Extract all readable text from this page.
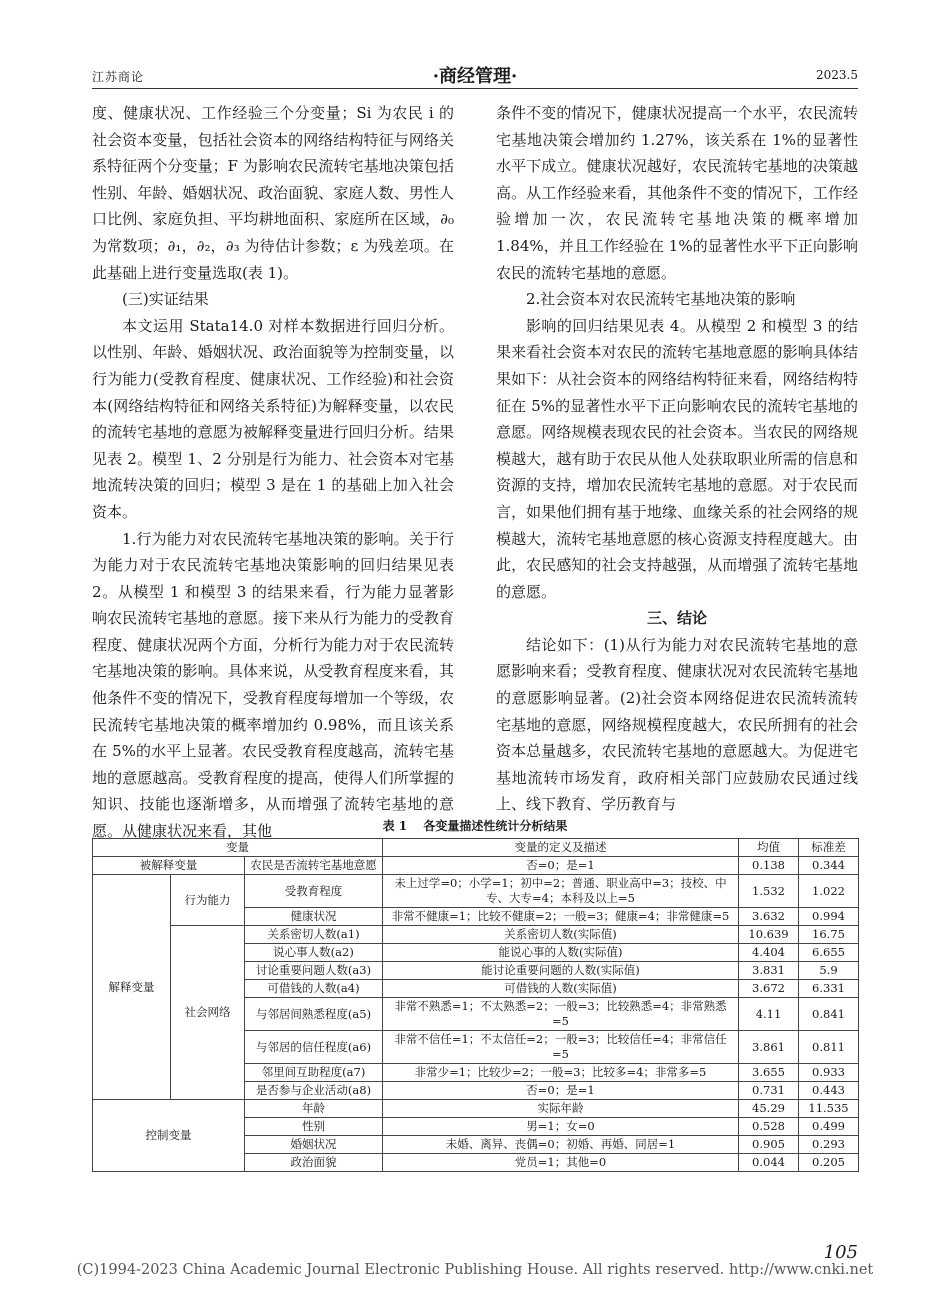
江苏商论	·商经管理·	2023.5

度、健康状况、工作经验三个分变量；Si 为农民 i 的社会资本变量，包括社会资本的网络结构特征与网络关系特征两个分变量；F 为影响农民流转宅基地决策包括性别、年龄、婚姻状况、政治面貌、家庭人数、男性人口比例、家庭负担、平均耕地面积、家庭所在区域，∂₀ 为常数项；∂₁，∂₂，∂₃ 为待估计参数；ε 为残差项。在此基础上进行变量选取(表 1)。

(三)实证结果

本文运用 Stata14.0 对样本数据进行回归分析。以性别、年龄、婚姻状况、政治面貌等为控制变量，以行为能力(受教育程度、健康状况、工作经验)和社会资本(网络结构特征和网络关系特征)为解释变量，以农民的流转宅基地的意愿为被解释变量进行回归分析。结果见表 2。模型 1、2 分别是行为能力、社会资本对宅基地流转决策的回归；模型 3 是在 1 的基础上加入社会资本。

1.行为能力对农民流转宅基地决策的影响。关于行为能力对于农民流转宅基地决策影响的回归结果见表 2。从模型 1 和模型 3 的结果来看，行为能力显著影响农民流转宅基地的意愿。接下来从行为能力的受教育程度、健康状况两个方面，分析行为能力对于农民流转宅基地决策的影响。具体来说，从受教育程度来看，其他条件不变的情况下，受教育程度每增加一个等级，农民流转宅基地决策的概率增加约 0.98%，而且该关系在 5%的水平上显著。农民受教育程度越高，流转宅基地的意愿越高。受教育程度的提高，使得人们所掌握的知识、技能也逐渐增多，从而增强了流转宅基地的意愿。从健康状况来看，其他

条件不变的情况下，健康状况提高一个水平，农民流转宅基地决策会增加约 1.27%，该关系在 1%的显著性水平下成立。健康状况越好，农民流转宅基地的决策越高。从工作经验来看，其他条件不变的情况下，工作经验增加一次，农民流转宅基地决策的概率增加 1.84%，并且工作经验在 1%的显著性水平下正向影响农民的流转宅基地的意愿。

2.社会资本对农民流转宅基地决策的影响

影响的回归结果见表 4。从模型 2 和模型 3 的结果来看社会资本对农民的流转宅基地意愿的影响具体结果如下：从社会资本的网络结构特征来看，网络结构特征在 5%的显著性水平下正向影响农民的流转宅基地的意愿。网络规模表现农民的社会资本。当农民的网络规模越大，越有助于农民从他人处获取职业所需的信息和资源的支持，增加农民流转宅基地的意愿。对于农民而言，如果他们拥有基于地缘、血缘关系的社会网络的规模越大，流转宅基地意愿的核心资源支持程度越大。由此，农民感知的社会支持越强，从而增强了流转宅基地的意愿。

三、结论

结论如下：(1)从行为能力对农民流转宅基地的意愿影响来看；受教育程度、健康状况对农民流转宅基地的意愿影响显著。(2)社会资本网络促进农民流转流转宅基地的意愿，网络规模程度越大，农民所拥有的社会资本总量越多，农民流转宅基地的意愿越大。为促进宅基地流转市场发育，政府相关部门应鼓励农民通过线上、线下教育、学历教育与

表 1 各变量描述性统计分析结果
变量			变量的定义及描述	均值	标准差
被解释变量		农民是否流转宅基地意愿	否=0；是=1	0.138	0.344
解释变量	行为能力	受教育程度	未上过学=0；小学=1；初中=2；普通、职业高中=3；技校、中专、大专=4；本科及以上=5	1.532	1.022
		健康状况	非常不健康=1；比较不健康=2；一般=3；健康=4；非常健康=5	3.632	0.994
	社会网络	关系密切人数(a1)	关系密切人数(实际值)	10.639	16.75
		说心事人数(a2)	能说心事的人数(实际值)	4.404	6.655
		讨论重要问题人数(a3)	能讨论重要问题的人数(实际值)	3.831	5.9
		可借钱的人数(a4)	可借钱的人数(实际值)	3.672	6.331
		与邻居间熟悉程度(a5)	非常不熟悉=1；不太熟悉=2；一般=3；比较熟悉=4；非常熟悉=5	4.11	0.841
		与邻居的信任程度(a6)	非常不信任=1；不太信任=2；一般=3；比较信任=4；非常信任=5	3.861	0.811
		邻里间互助程度(a7)	非常少=1；比较少=2；一般=3；比较多=4；非常多=5	3.655	0.933
		是否参与企业活动(a8)	否=0；是=1	0.731	0.443
控制变量		年龄	实际年龄	45.29	11.535
		性别	男=1；女=0	0.528	0.499
		婚姻状况	未婚、离异、丧偶=0；初婚、再婚、同居=1	0.905	0.293
		政治面貌	党员=1；其他=0	0.044	0.205
105
(C)1994-2023 China Academic Journal Electronic Publishing House. All rights reserved. http://www.cnki.net
